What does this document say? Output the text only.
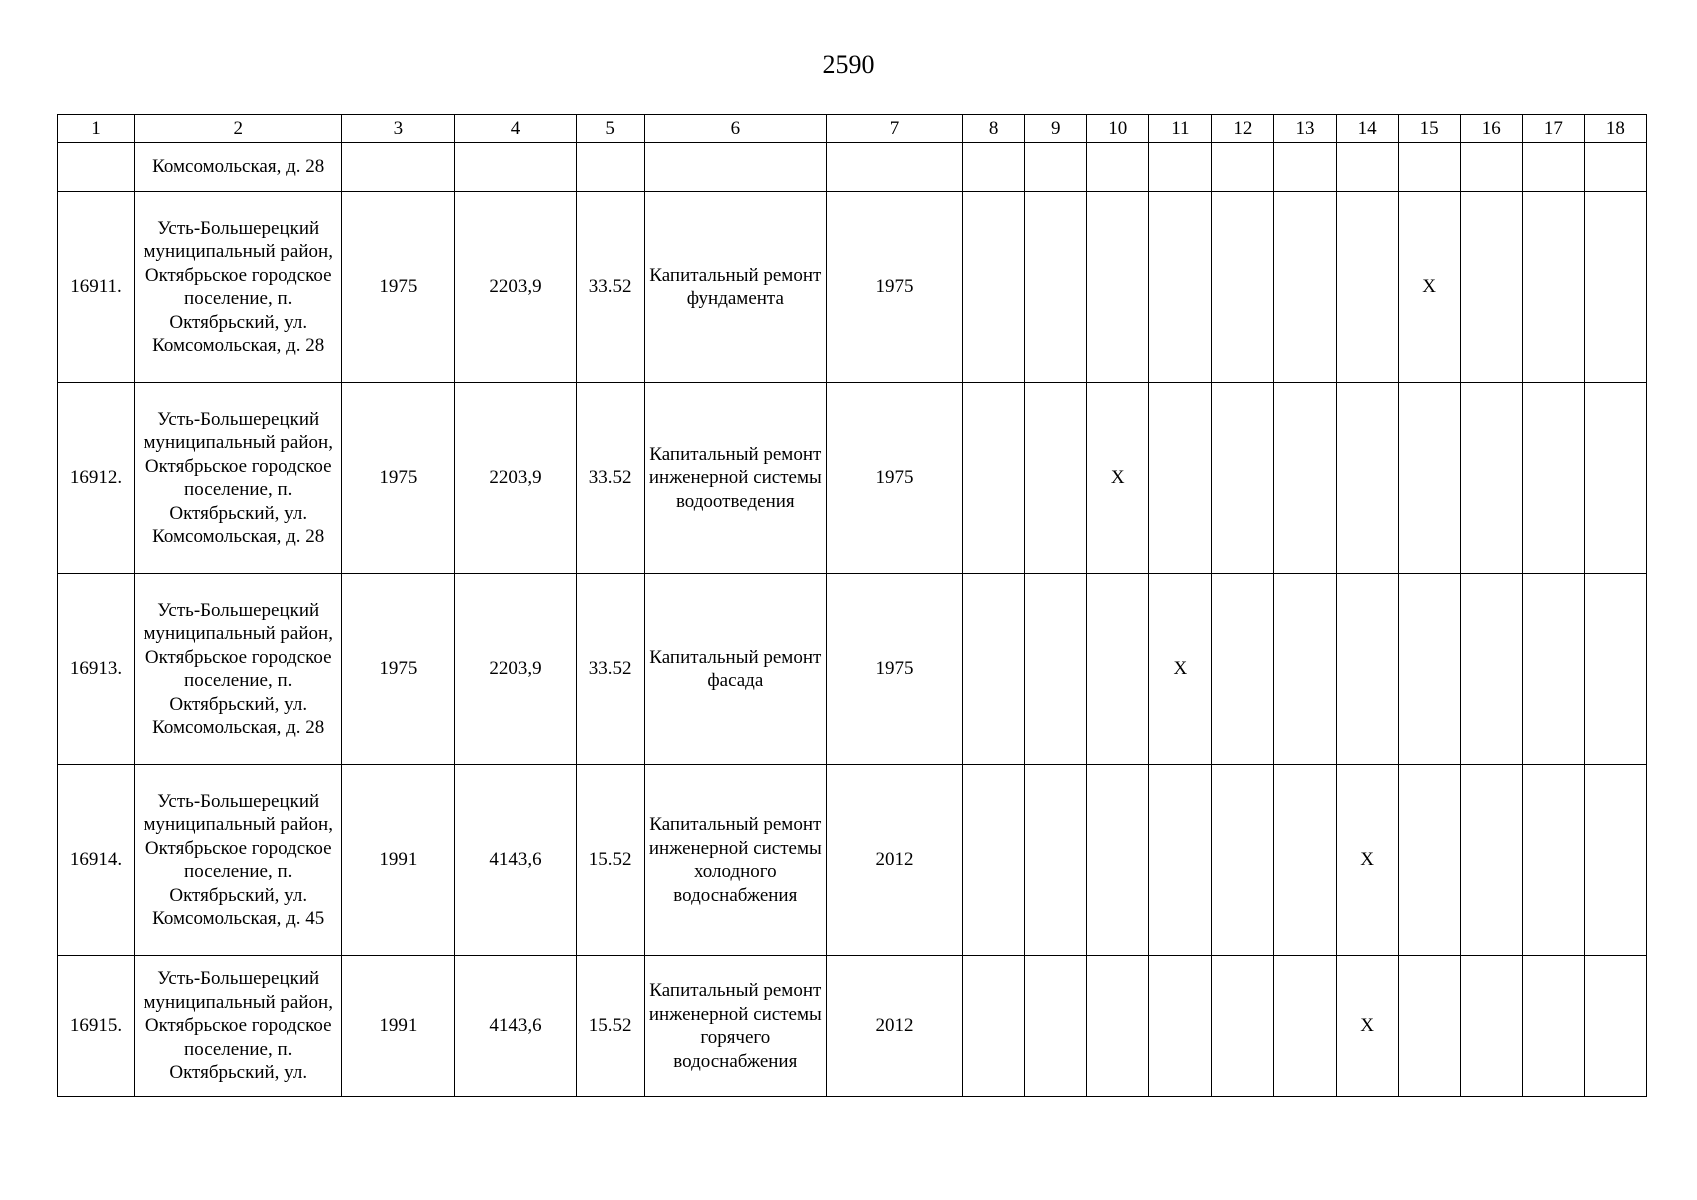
2590
1	2	3	4	5	6	7	8	9	10	11	12	13	14	15	16	17	18
	Комсомольская, д. 28																
16911.	Усть-Большерецкий муниципальный район, Октябрьское городское поселение, п. Октябрьский, ул. Комсомольская, д. 28	1975	2203,9	33.52	Капитальный ремонт фундамента	1975								X			
16912.	Усть-Большерецкий муниципальный район, Октябрьское городское поселение, п. Октябрьский, ул. Комсомольская, д. 28	1975	2203,9	33.52	Капитальный ремонт инженерной системы водоотведения	1975			X								
16913.	Усть-Большерецкий муниципальный район, Октябрьское городское поселение, п. Октябрьский, ул. Комсомольская, д. 28	1975	2203,9	33.52	Капитальный ремонт фасада	1975				X							
16914.	Усть-Большерецкий муниципальный район, Октябрьское городское поселение, п. Октябрьский, ул. Комсомольская, д. 45	1991	4143,6	15.52	Капитальный ремонт инженерной системы холодного водоснабжения	2012							X				
16915.	Усть-Большерецкий муниципальный район, Октябрьское городское поселение, п. Октябрьский, ул.	1991	4143,6	15.52	Капитальный ремонт инженерной системы горячего водоснабжения	2012							X				
